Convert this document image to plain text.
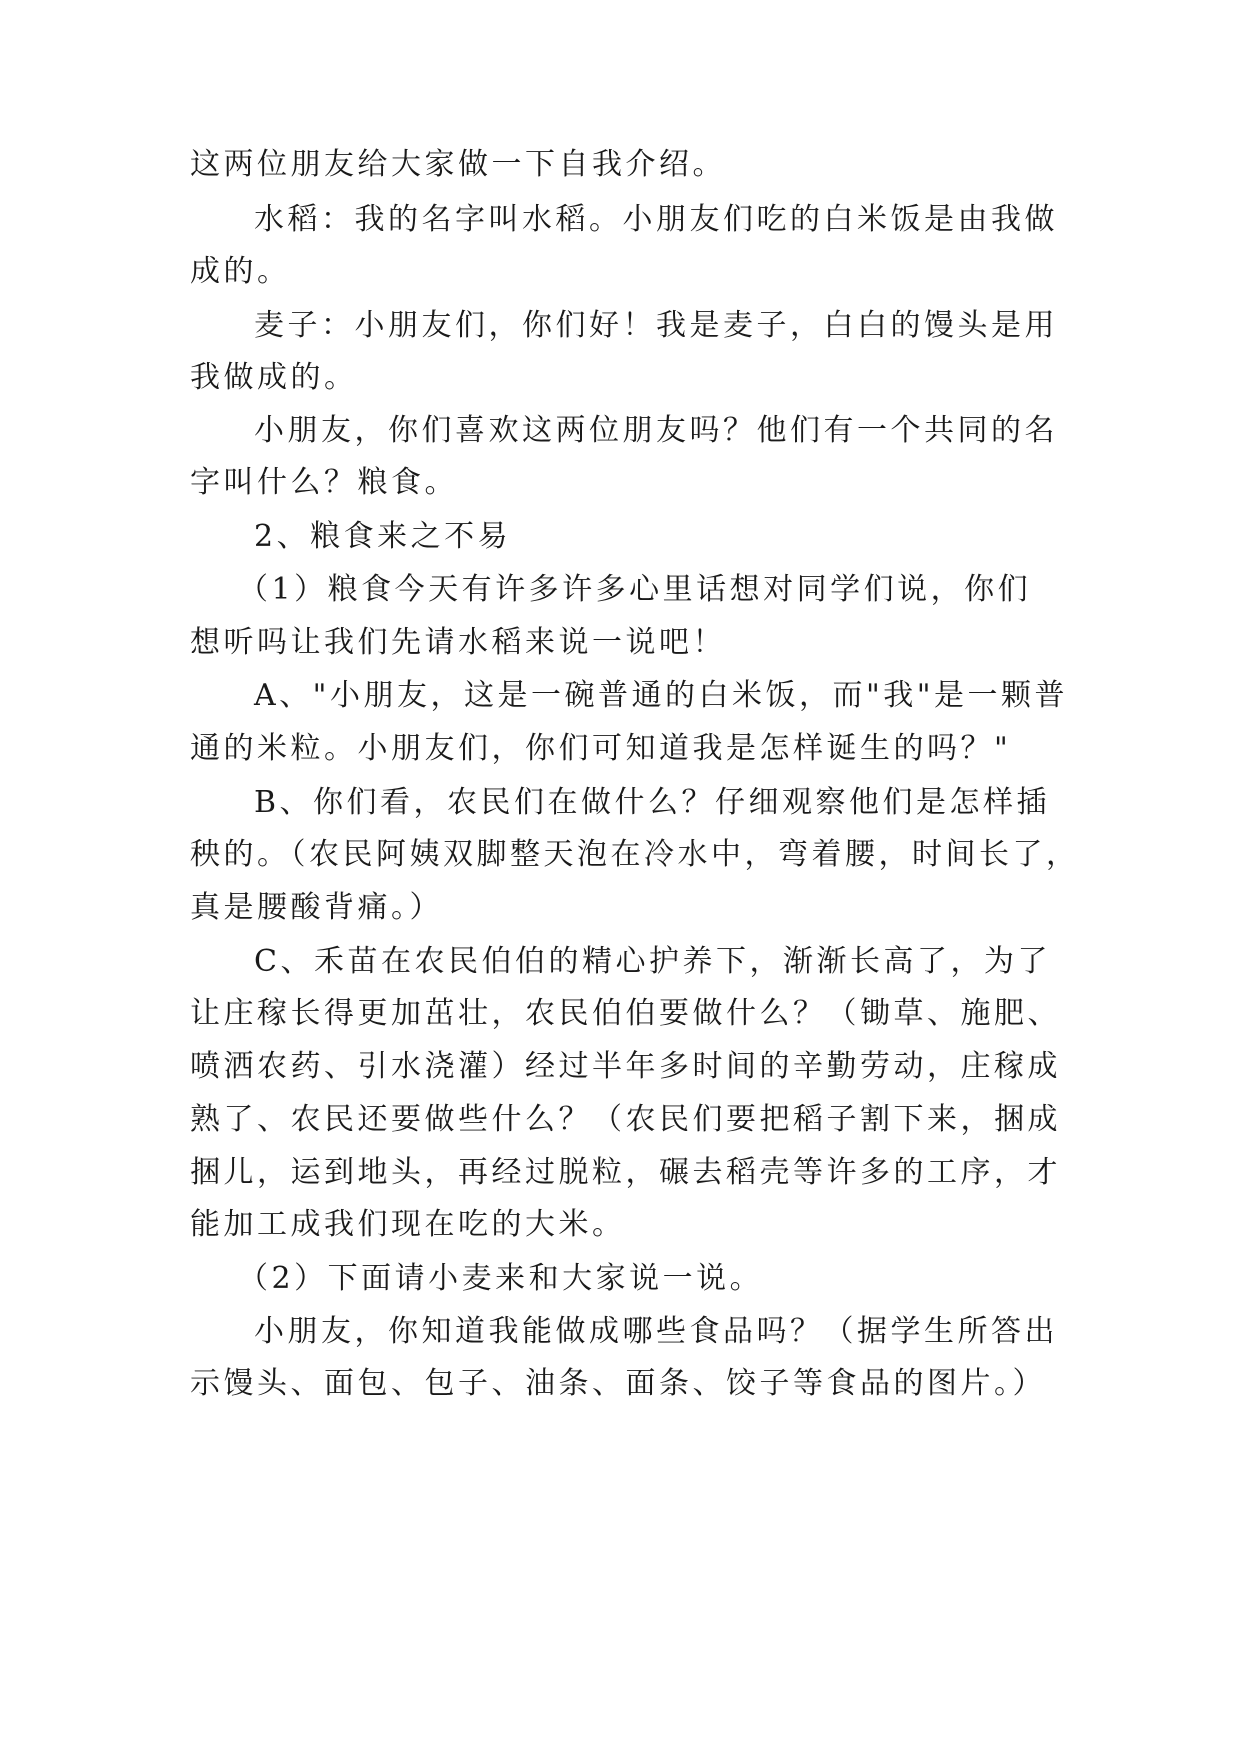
这两位朋友给大家做一下自我介绍。
水稻：我的名字叫水稻。小朋友们吃的白米饭是由我做
成的。
麦子：小朋友们，你们好！我是麦子，白白的馒头是用
我做成的。
小朋友，你们喜欢这两位朋友吗？他们有一个共同的名
字叫什么？粮食。
2、粮食来之不易
（1）粮食今天有许多许多心里话想对同学们说，你们
想听吗让我们先请水稻来说一说吧！
A、"小朋友，这是一碗普通的白米饭，而"我"是一颗普
通的米粒。小朋友们，你们可知道我是怎样诞生的吗？"
B、你们看，农民们在做什么？仔细观察他们是怎样插
秧的。（农民阿姨双脚整天泡在冷水中，弯着腰，时间长了，
真是腰酸背痛。）
C、禾苗在农民伯伯的精心护养下，渐渐长高了，为了
让庄稼长得更加茁壮，农民伯伯要做什么？（锄草、施肥、
喷洒农药、引水浇灌）经过半年多时间的辛勤劳动，庄稼成
熟了、农民还要做些什么？（农民们要把稻子割下来，捆成
捆儿，运到地头，再经过脱粒，碾去稻壳等许多的工序，才
能加工成我们现在吃的大米。
（2）下面请小麦来和大家说一说。
小朋友，你知道我能做成哪些食品吗？（据学生所答出
示馒头、面包、包子、油条、面条、饺子等食品的图片。）
